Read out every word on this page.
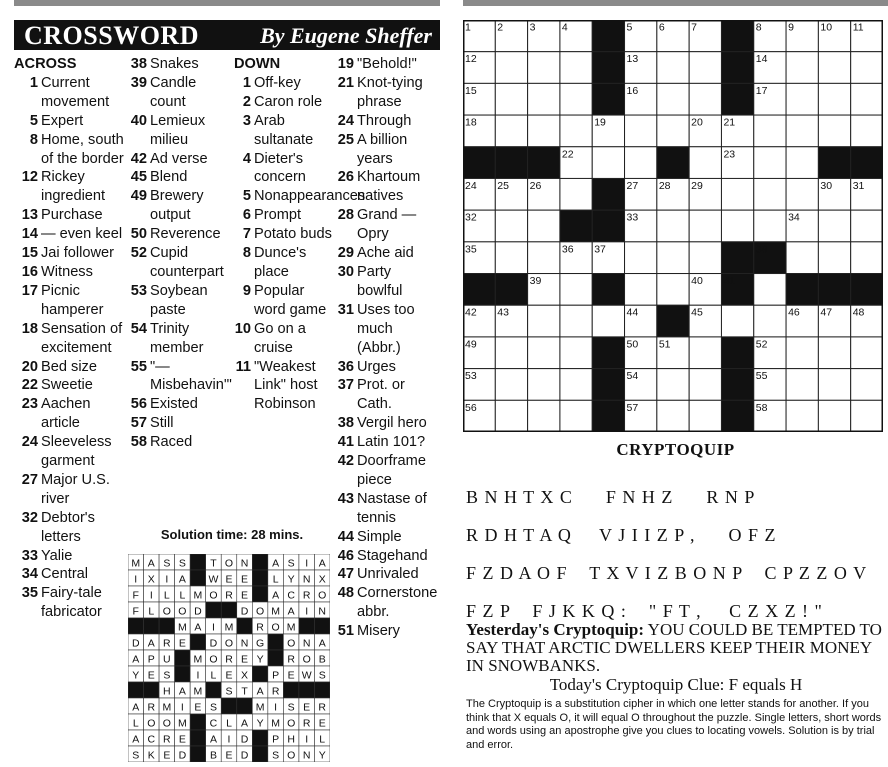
CROSSWORD	By Eugene Sheffer
ACROSS
1 Current movement
5 Expert
8 Home, south of the border
12 Rickey ingredient
13 Purchase
14 — even keel
15 Jai follower
16 Witness
17 Picnic hamperer
18 Sensation of excitement
20 Bed size
22 Sweetie
23 Aachen article
24 Sleeveless garment
27 Major U.S. river
32 Debtor's letters
33 Yalie
34 Central
35 Fairy-tale fabricator
38 Snakes
39 Candle count
40 Lemieux milieu
42 Ad verse
45 Blend
49 Brewery output
50 Reverence
52 Cupid counterpart
53 Soybean paste
54 Trinity member
55 "— Misbehavin'"
56 Existed
57 Still
58 Raced
DOWN
1 Off-key
2 Caron role
3 Arab sultanate
4 Dieter's concern
5 Nonappearances
6 Prompt
7 Potato buds
8 Dunce's place
9 Popular word game
10 Go on a cruise
11 "Weakest Link" host Robinson
19 "Behold!"
21 Knot-tying phrase
24 Through
25 A billion years
26 Khartoum natives
28 Grand — Opry
29 Ache aid
30 Party bowlful
31 Uses too much (Abbr.)
36 Urges
37 Prot. or Cath.
38 Vergil hero
41 Latin 101?
42 Doorframe piece
43 Nastase of tennis
44 Simple
46 Stagehand
47 Unrivaled
48 Cornerstone abbr.
51 Misery
Solution time: 28 mins.
M A S S T O N A S I A
I X I A W E E L Y N X
F I L L M O R E A C R O
F L O O D	D O M A I N
M A I M R O M
D A R E D O N G O N A
A P U M O R E Y R O B
Y E S I L E X P E W S
H A M S T A R
A R M I E S	M I S E R
L O O M C L A Y M O R E
A C R E A I D P H I L
S K E D B E D S O N Y
1	2	3	4	5	6	7	8	9	10 11
12	13	14
15	16	17
18	19	20 21
22	23
24 25 26	27 28 29	30 31
32	33	34
35	36 37	38
39	40 41
42 43	44	45	46 47 48
49	50 51	52
53	54	55
56	57	58
CRYPTOQUIP
B N H T X C      F N H Z      R N P
R D H T A Q     V J I I Z P ,      O F Z
F Z D A O F    T X V I Z B O N P    C P Z Z O V
F Z P    F J K K Q :    " F T ,     C Z X Z ! "
Yesterday's Cryptoquip: YOU COULD BE TEMPTED TO SAY THAT ARCTIC DWELLERS KEEP THEIR MONEY IN SNOWBANKS.
Today's Cryptoquip Clue: F equals H
The Cryptoquip is a substitution cipher in which one letter stands for another. If you think that X equals O, it will equal O throughout the puzzle. Single letters, short words and words using an apostrophe give you clues to locating vowels. Solution is by trial and error.
